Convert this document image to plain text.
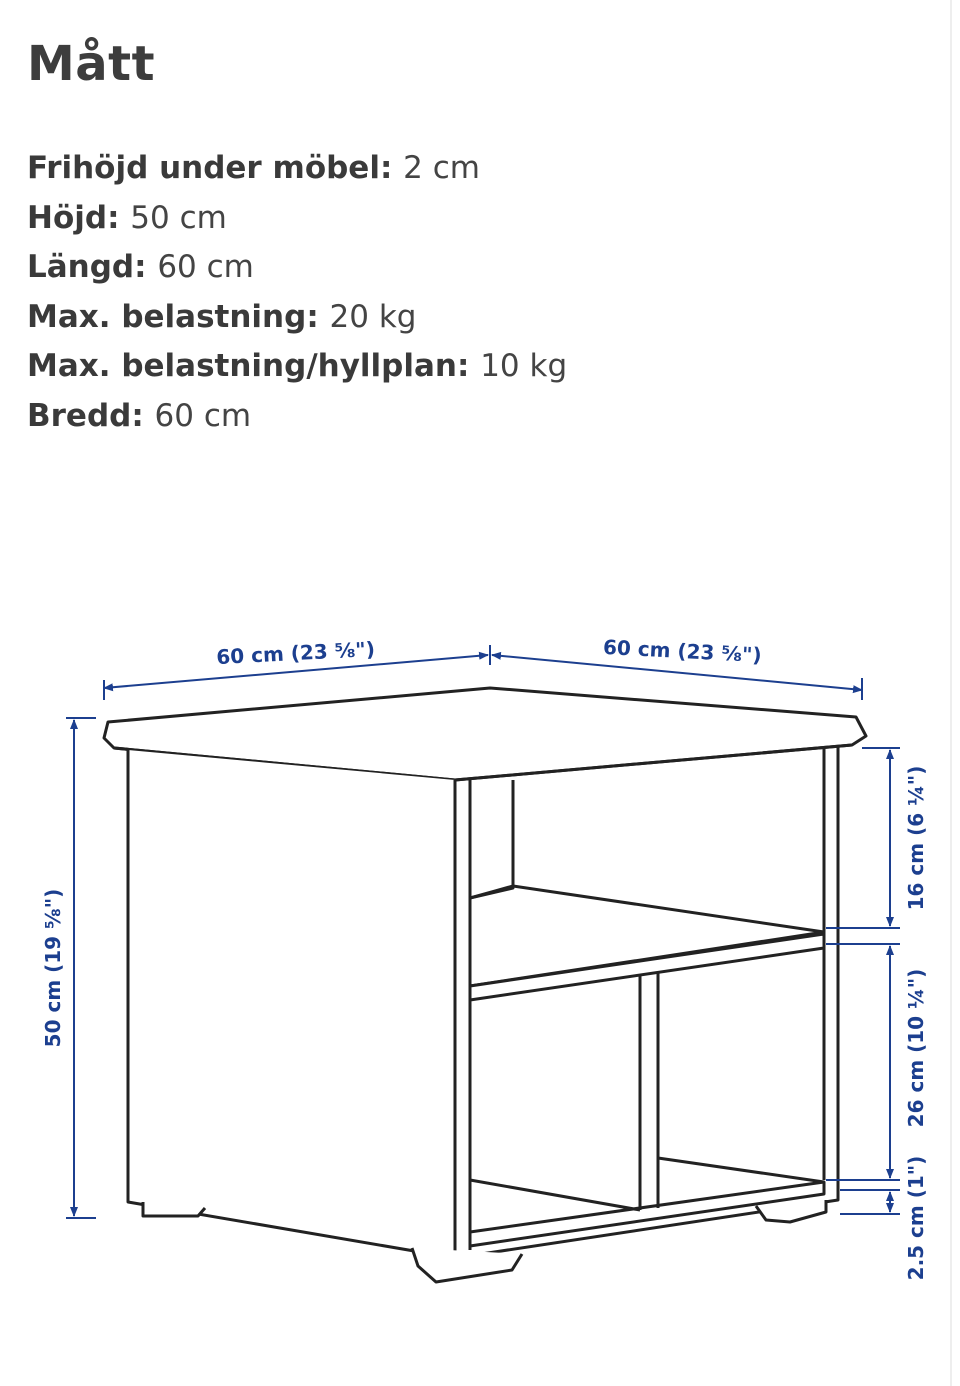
Mått
Frihöjd under möbel: 2 cm
Höjd: 50 cm
Längd: 60 cm
Max. belastning: 20 kg
Max. belastning/hyllplan: 10 kg
Bredd: 60 cm
60 cm (23 ⅝")	60 cm (23 ⅝")
50 cm (19 ⅝")
16 cm (6 ¼")
26 cm (10 ¼")
2.5 cm (1")
